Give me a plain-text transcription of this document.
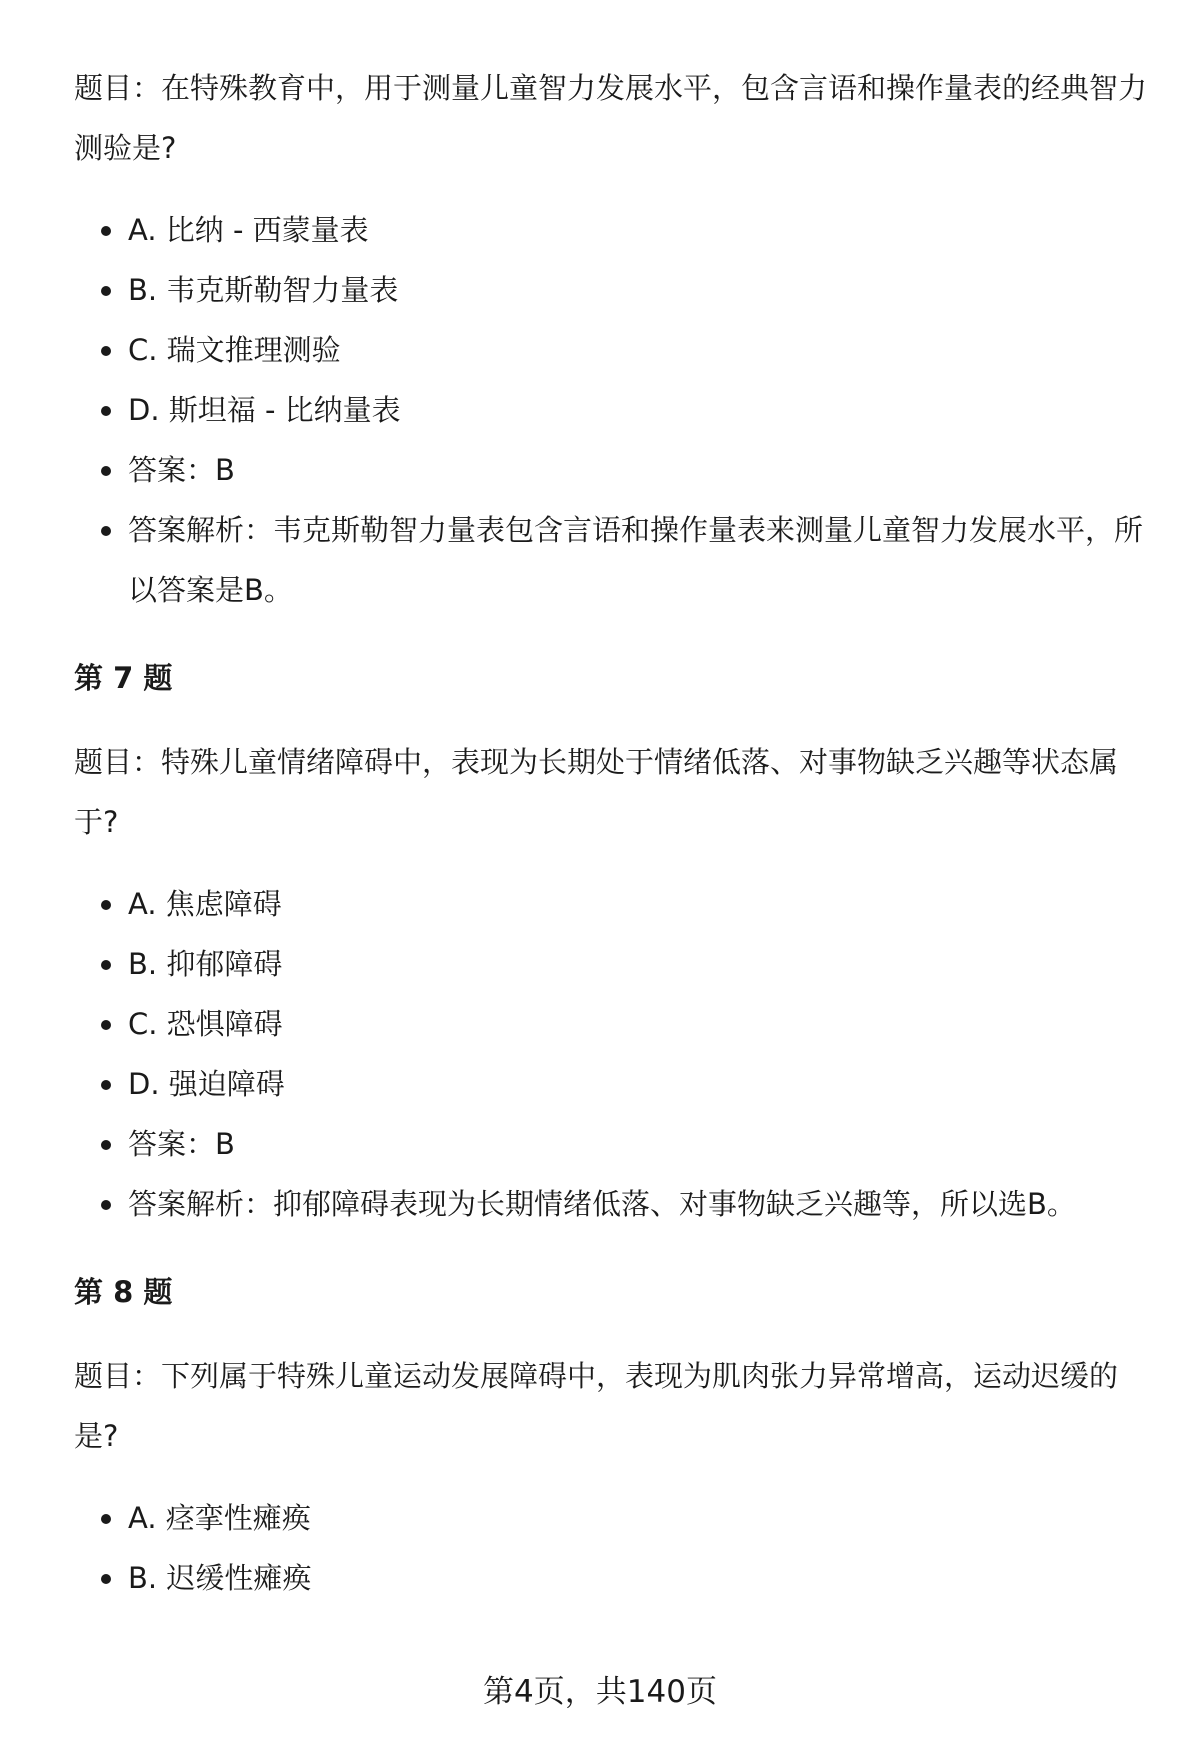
题目：在特殊教育中，用于测量儿童智力发展水平，包含言语和操作量表的经典智力测验是?

A. 比纳 - 西蒙量表
B. 韦克斯勒智力量表
C. 瑞文推理测验
D. 斯坦福 - 比纳量表
答案：B
答案解析：韦克斯勒智力量表包含言语和操作量表来测量儿童智力发展水平，所以答案是B。

第 7 题

题目：特殊儿童情绪障碍中，表现为长期处于情绪低落、对事物缺乏兴趣等状态属于?

A. 焦虑障碍
B. 抑郁障碍
C. 恐惧障碍
D. 强迫障碍
答案：B
答案解析：抑郁障碍表现为长期情绪低落、对事物缺乏兴趣等，所以选B。

第 8 题

题目：下列属于特殊儿童运动发展障碍中，表现为肌肉张力异常增高，运动迟缓的是?

A. 痉挛性瘫痪
B. 迟缓性瘫痪
第4页，共140页
